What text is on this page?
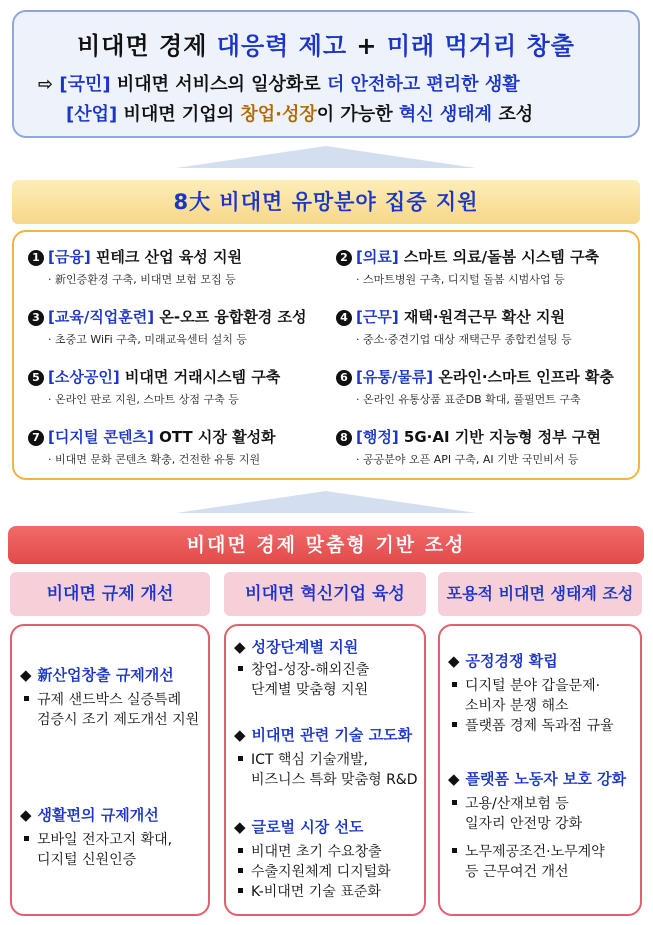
비대면 경제 대응력 제고 + 미래 먹거리 창출
⇨ [국민] 비대면 서비스의 일상화로 더 안전하고 편리한 생활
[산업] 비대면 기업의 창업·성장이 가능한 혁신 생태계 조성
8大 비대면 유망분야 집중 지원
1 [금융] 핀테크 산업 육성 지원
· 新인증환경 구축, 비대면 보험 모집 등
2 [의료] 스마트 의료/돌봄 시스템 구축
· 스마트병원 구축, 디지털 돌봄 시범사업 등
3 [교육/직업훈련] 온-오프 융합환경 조성
· 초중고 WiFi 구축, 미래교육센터 설치 등
4 [근무] 재택·원격근무 확산 지원
· 중소·중견기업 대상 재택근무 종합컨설팅 등
5 [소상공인] 비대면 거래시스템 구축
· 온라인 판로 지원, 스마트 상점 구축 등
6 [유통/물류] 온라인·스마트 인프라 확충
· 온라인 유통상품 표준DB 확대, 풀필먼트 구축
7 [디지털 콘텐츠] OTT 시장 활성화
· 비대면 문화 콘텐츠 확충, 건전한 유통 지원
8 [행정] 5G·AI 기반 지능형 정부 구현
· 공공분야 오픈 API 구축, AI 기반 국민비서 등
비대면 경제 맞춤형 기반 조성
비대면 규제 개선	비대면 혁신기업 육성	포용적 비대면 생태계 조성
◆ 新산업창출 규제개선
규제 샌드박스 실증특례
검증시 조기 제도개선 지원
◆ 생활편의 규제개선
모바일 전자고지 확대,
디지털 신원인증
◆ 성장단계별 지원
창업-성장-해외진출
단계별 맞춤형 지원
◆ 비대면 관련 기술 고도화
ICT 핵심 기술개발,
비즈니스 특화 맞춤형 R&D
◆ 글로벌 시장 선도
비대면 초기 수요창출
수출지원체계 디지털화
K-비대면 기술 표준화
◆ 공정경쟁 확립
디지털 분야 갑을문제·
소비자 분쟁 해소
플랫폼 경제 독과점 규율
◆ 플랫폼 노동자 보호 강화
고용/산재보험 등
일자리 안전망 강화
노무제공조건·노무계약
등 근무여건 개선
